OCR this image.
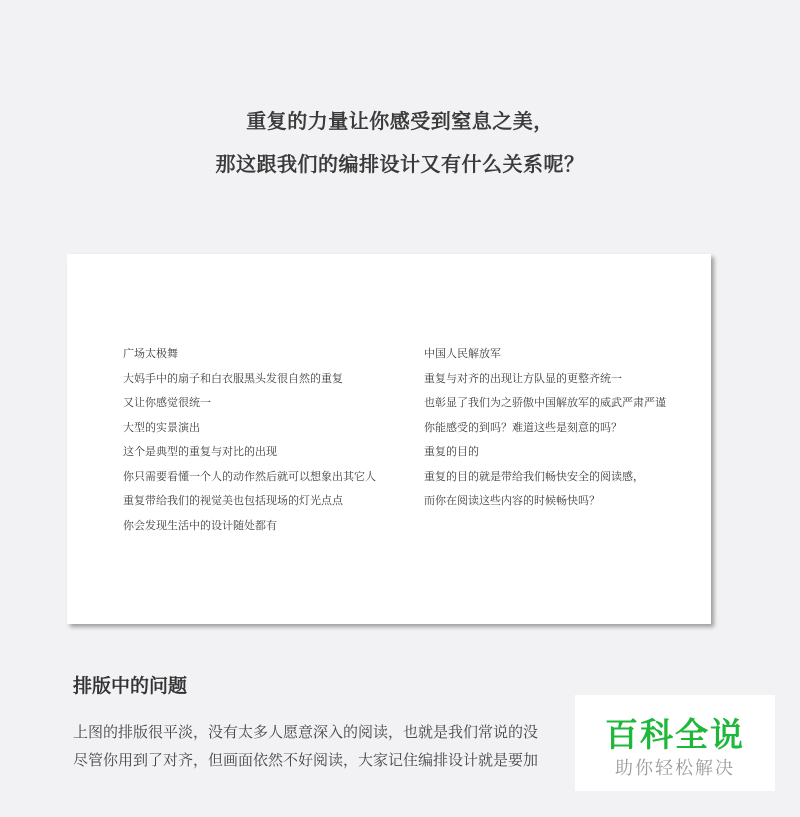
重复的力量让你感受到窒息之美，
那这跟我们的编排设计又有什么关系呢？
广场太极舞
大妈手中的扇子和白衣服黑头发很自然的重复
又让你感觉很统一
大型的实景演出
这个是典型的重复与对比的出现
你只需要看懂一个人的动作然后就可以想象出其它人
重复带给我们的视觉美也包括现场的灯光点点
你会发现生活中的设计随处都有
中国人民解放军
重复与对齐的出现让方队显的更整齐统一
也彰显了我们为之骄傲中国解放军的威武严肃严谨
你能感受的到吗？难道这些是刻意的吗？
重复的目的
重复的目的就是带给我们畅快安全的阅读感，
而你在阅读这些内容的时候畅快吗？
排版中的问题
上图的排版很平淡，没有太多人愿意深入的阅读，也就是我们常说的没
尽管你用到了对齐，但画面依然不好阅读，大家记住编排设计就是要加
百科全说
助你轻松解决
